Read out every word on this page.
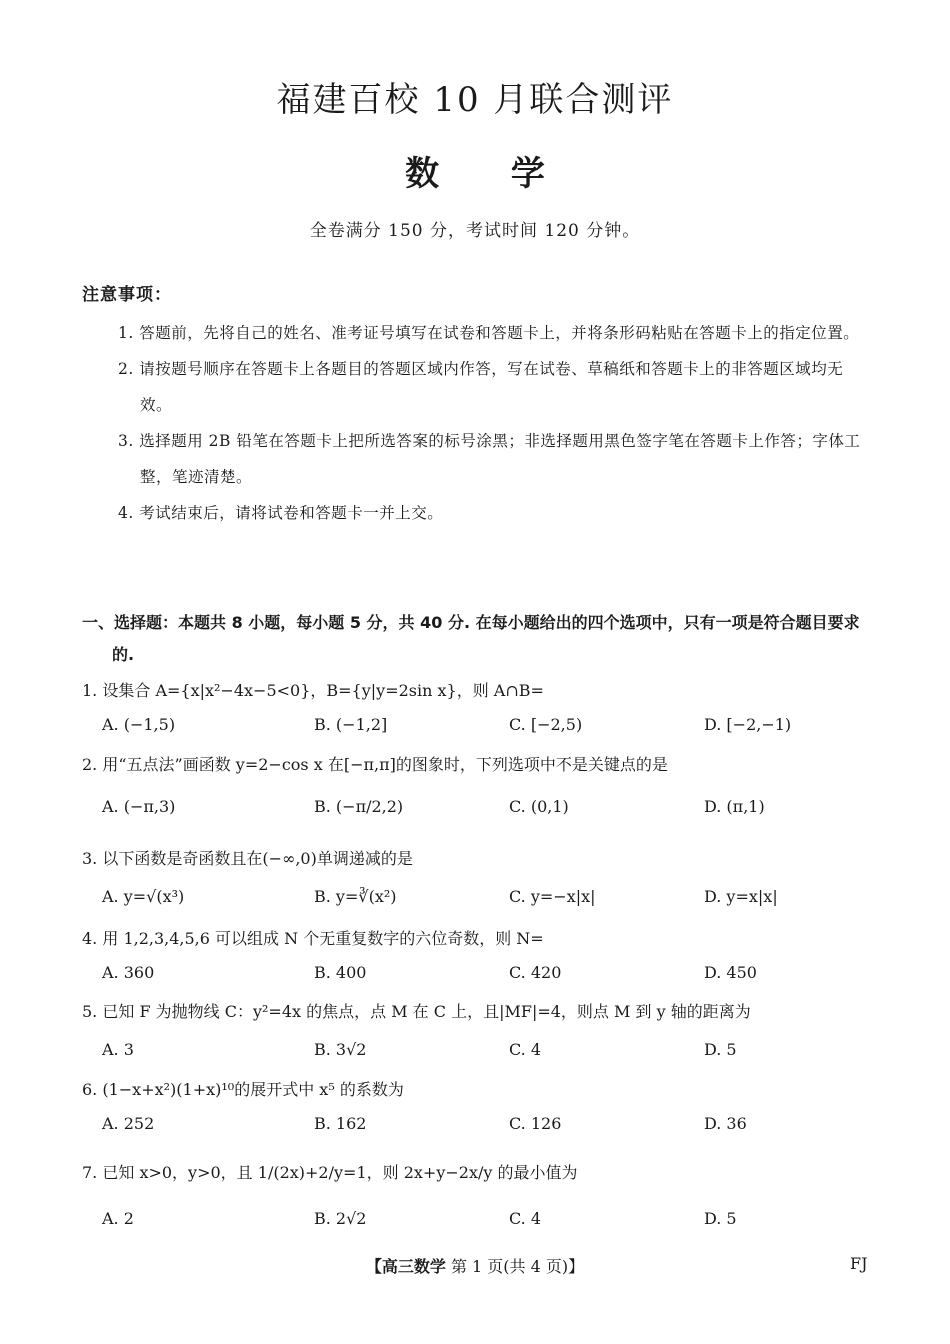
福建百校 10 月联合测评
数 学
全卷满分 150 分，考试时间 120 分钟。
注意事项：

1. 答题前，先将自己的姓名、准考证号填写在试卷和答题卡上，并将条形码粘贴在答题卡上的指定位置。

2. 请按题号顺序在答题卡上各题目的答题区域内作答，写在试卷、草稿纸和答题卡上的非答题区域均无效。

3. 选择题用 2B 铅笔在答题卡上把所选答案的标号涂黑；非选择题用黑色签字笔在答题卡上作答；字体工整，笔迹清楚。

4. 考试结束后，请将试卷和答题卡一并上交。

一、选择题：本题共 8 小题，每小题 5 分，共 40 分. 在每小题给出的四个选项中，只有一项是符合题目要求的.
1. 设集合 A={x|x²−4x−5<0}，B={y|y=2sin x}，则 A∩B=
A. (−1,5)	B. (−1,2]	C. [−2,5)	D. [−2,−1)
2. 用“五点法”画函数 y=2−cos x 在[−π,π]的图象时，下列选项中不是关键点的是
A. (−π,3)	B. (−π/2,2)	C. (0,1)	D. (π,1)
3. 以下函数是奇函数且在(−∞,0)单调递减的是
A. y=√(x³)	B. y=∛(x²)	C. y=−x|x|	D. y=x|x|
4. 用 1,2,3,4,5,6 可以组成 N 个无重复数字的六位奇数，则 N=
A. 360	B. 400	C. 420	D. 450
5. 已知 F 为抛物线 C：y²=4x 的焦点，点 M 在 C 上，且|MF|=4，则点 M 到 y 轴的距离为
A. 3	B. 3√2	C. 4	D. 5
6. (1−x+x²)(1+x)¹⁰的展开式中 x⁵ 的系数为
A. 252	B. 162	C. 126	D. 36
7. 已知 x>0，y>0，且 1/(2x)+2/y=1，则 2x+y−2x/y 的最小值为
A. 2	B. 2√2	C. 4	D. 5
【高三数学 第 1 页(共 4 页)】	FJ
